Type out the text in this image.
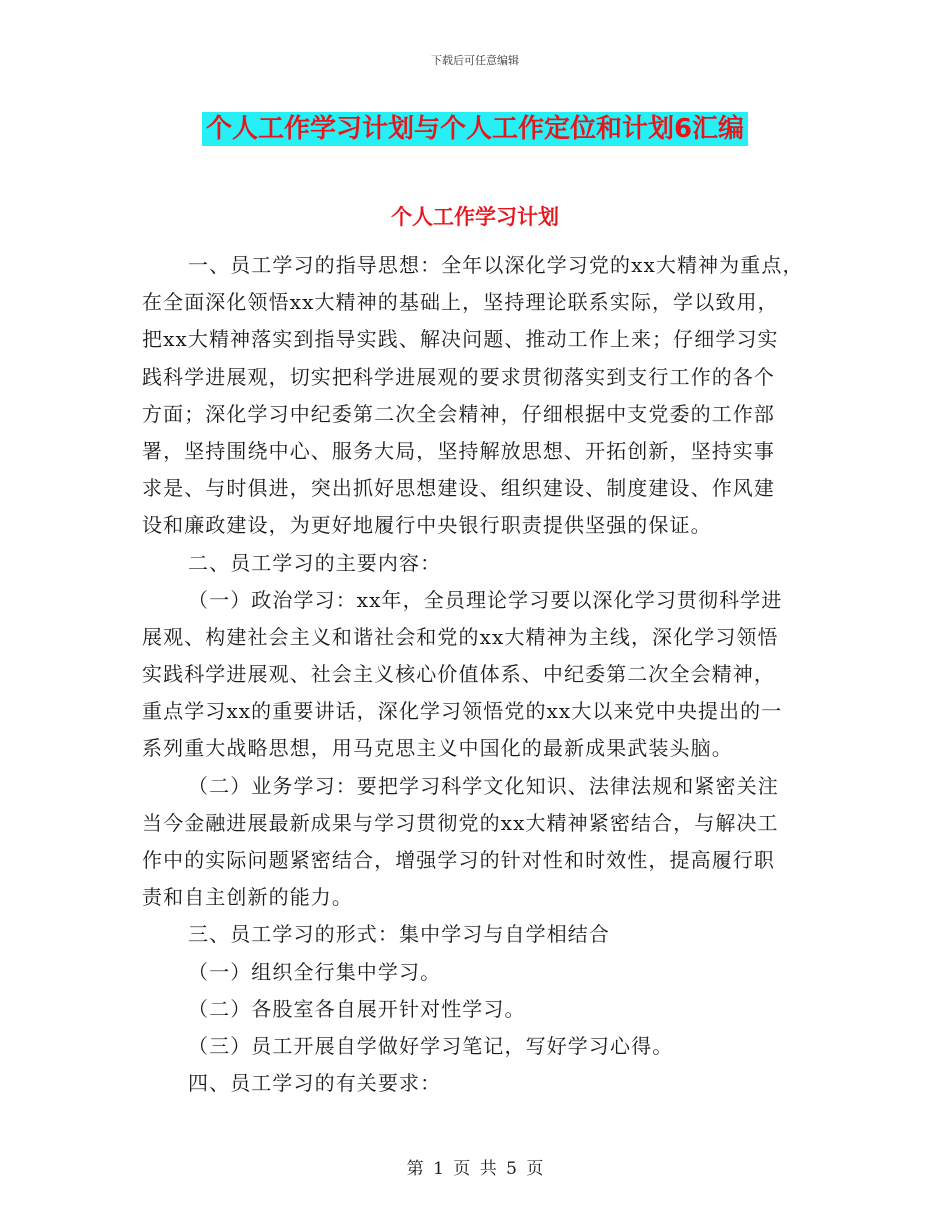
下载后可任意编辑
个人工作学习计划与个人工作定位和计划6汇编
个人工作学习计划
一、员工学习的指导思想：全年以深化学习党的xx大精神为重点，
在全面深化领悟xx大精神的基础上，坚持理论联系实际，学以致用，
把xx大精神落实到指导实践、解决问题、推动工作上来；仔细学习实
践科学进展观，切实把科学进展观的要求贯彻落实到支行工作的各个
方面；深化学习中纪委第二次全会精神，仔细根据中支党委的工作部
署，坚持围绕中心、服务大局，坚持解放思想、开拓创新，坚持实事
求是、与时俱进，突出抓好思想建设、组织建设、制度建设、作风建
设和廉政建设，为更好地履行中央银行职责提供坚强的保证。
二、员工学习的主要内容：
（一）政治学习：xx年，全员理论学习要以深化学习贯彻科学进
展观、构建社会主义和谐社会和党的xx大精神为主线，深化学习领悟
实践科学进展观、社会主义核心价值体系、中纪委第二次全会精神，
重点学习xx的重要讲话，深化学习领悟党的xx大以来党中央提出的一
系列重大战略思想，用马克思主义中国化的最新成果武装头脑。
（二）业务学习：要把学习科学文化知识、法律法规和紧密关注
当今金融进展最新成果与学习贯彻党的xx大精神紧密结合，与解决工
作中的实际问题紧密结合，增强学习的针对性和时效性，提高履行职
责和自主创新的能力。
三、员工学习的形式：集中学习与自学相结合
（一）组织全行集中学习。
（二）各股室各自展开针对性学习。
（三）员工开展自学做好学习笔记，写好学习心得。
四、员工学习的有关要求：
第 1 页 共 5 页
